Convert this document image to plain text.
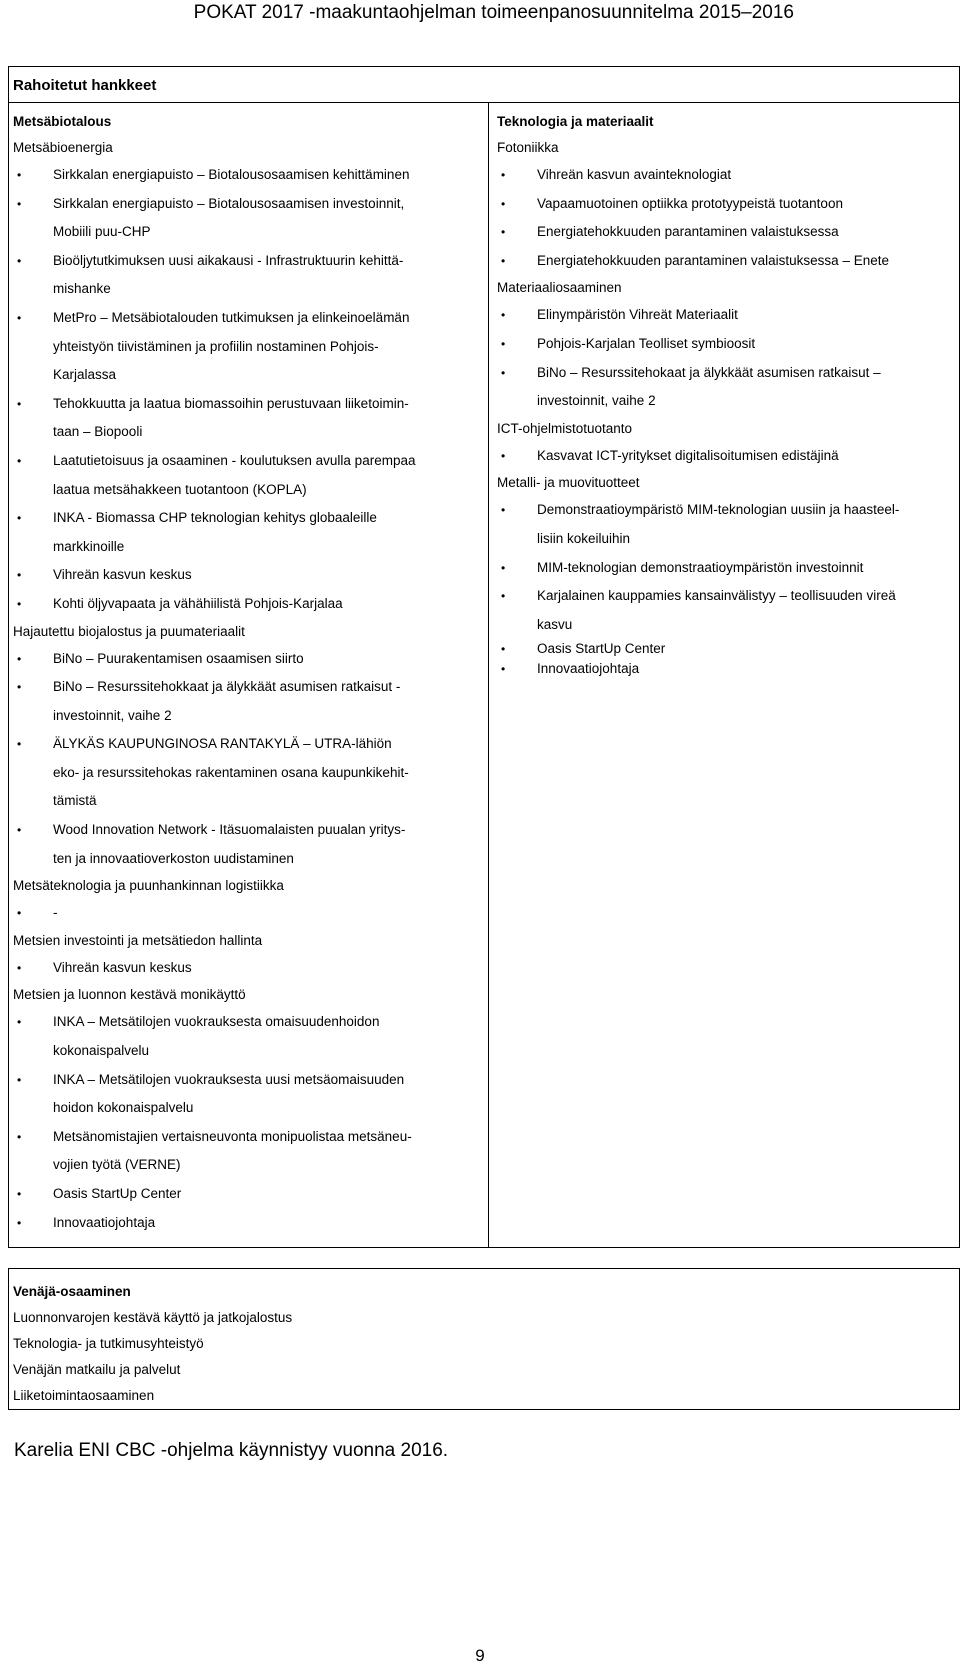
POKAT 2017 -maakuntaohjelman toimeenpanosuunnitelma 2015–2016
Rahoitetut hankkeet
Metsäbiotalous
Metsäbioenergia
• Sirkkalan energiapuisto – Biotalousosaamisen kehittäminen
• Sirkkalan energiapuisto – Biotalousosaamisen investoinnit,
Mobiili puu-CHP
• Bioöljytutkimuksen uusi aikakausi - Infrastruktuurin kehittä-
mishanke
• MetPro – Metsäbiotalouden tutkimuksen ja elinkeinoelämän
yhteistyön tiivistäminen ja profiilin nostaminen Pohjois-
Karjalassa
• Tehokkuutta ja laatua biomassoihin perustuvaan liiketoimin-
taan – Biopooli
• Laatutietoisuus ja osaaminen - koulutuksen avulla parempaa
laatua metsähakkeen tuotantoon (KOPLA)
• INKA - Biomassa CHP teknologian kehitys globaaleille
markkinoille
• Vihreän kasvun keskus
• Kohti öljyvapaata ja vähähiilistä Pohjois-Karjalaa
Hajautettu biojalostus ja puumateriaalit
• BiNo – Puurakentamisen osaamisen siirto
• BiNo – Resurssitehokkaat ja älykkäät asumisen ratkaisut -
investoinnit, vaihe 2
• ÄLYKÄS KAUPUNGINOSA RANTAKYLÄ – UTRA-lähiön
eko- ja resurssitehokas rakentaminen osana kaupunkikehit-
tämistä
• Wood Innovation Network - Itäsuomalaisten puualan yritys-
ten ja innovaatioverkoston uudistaminen
Metsäteknologia ja puunhankinnan logistiikka
• -
Metsien investointi ja metsätiedon hallinta
• Vihreän kasvun keskus
Metsien ja luonnon kestävä monikäyttö
• INKA – Metsätilojen vuokrauksesta omaisuudenhoidon
kokonaispalvelu
• INKA – Metsätilojen vuokrauksesta uusi metsäomaisuuden
hoidon kokonaispalvelu
• Metsänomistajien vertaisneuvonta monipuolistaa metsäneu-
vojien työtä (VERNE)
• Oasis StartUp Center
• Innovaatiojohtaja
Teknologia ja materiaalit
Fotoniikka
• Vihreän kasvun avainteknologiat
• Vapaamuotoinen optiikka prototyypeistä tuotantoon
• Energiatehokkuuden parantaminen valaistuksessa
• Energiatehokkuuden parantaminen valaistuksessa – Enete
Materiaaliosaaminen
• Elinympäristön Vihreät Materiaalit
• Pohjois-Karjalan Teolliset symbioosit
• BiNo – Resurssitehokaat ja älykkäät asumisen ratkaisut –
investoinnit, vaihe 2
ICT-ohjelmistotuotanto
• Kasvavat ICT-yritykset digitalisoitumisen edistäjinä
Metalli- ja muovituotteet
• Demonstraatioympäristö MIM-teknologian uusiin ja haasteel-
lisiin kokeiluihin
• MIM-teknologian demonstraatioympäristön investoinnit
• Karjalainen kauppamies kansainvälistyy – teollisuuden vireä
kasvu
• Oasis StartUp Center
• Innovaatiojohtaja
Venäjä-osaaminen
Luonnonvarojen kestävä käyttö ja jatkojalostus
Teknologia- ja tutkimusyhteistyö
Venäjän matkailu ja palvelut
Liiketoimintaosaaminen
Karelia ENI CBC -ohjelma käynnistyy vuonna 2016.
9
